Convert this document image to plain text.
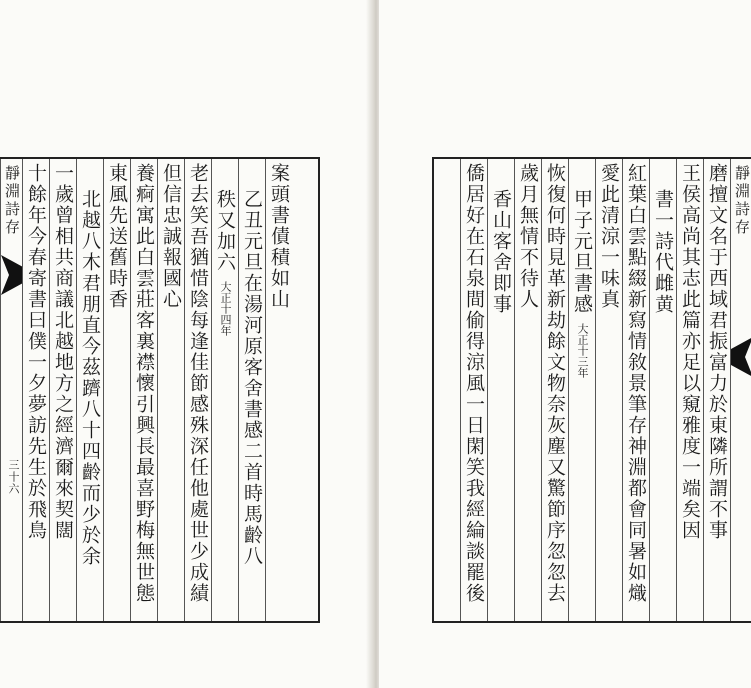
靜淵詩存
三十六
案頭書債積如山
乙丑元旦在湯河原客舍書感二首時馬齡八
秩又加六大正十四年
老去笑吾猶惜陰每逢佳節感殊深任他處世少成績
但信忠誠報國心
養痾寓此白雲莊客裏襟懷引興長最喜野梅無世態
東風先送舊時香
北越八木君朋直今茲躋八十四齡而少於余
一歲曾相共商議北越地方之經濟爾來契闊
十餘年今春寄書曰僕一夕夢訪先生於飛鳥	磨擅文名于西域君振富力於東隣所謂不事
王侯高尚其志此篇亦足以窺雅度一端矣因
書一詩代雌黄
紅葉白雲點綴新寫情敘景筆存神淵都會同暑如熾
愛此清涼一味真
甲子元旦書感大正十三年
恢復何時見革新劫餘文物奈灰塵又驚節序忽忽去
歲月無情不待人
香山客舍即事
僑居好在石泉間偷得涼風一日閑笑我經綸談罷後	靜淵詩存
